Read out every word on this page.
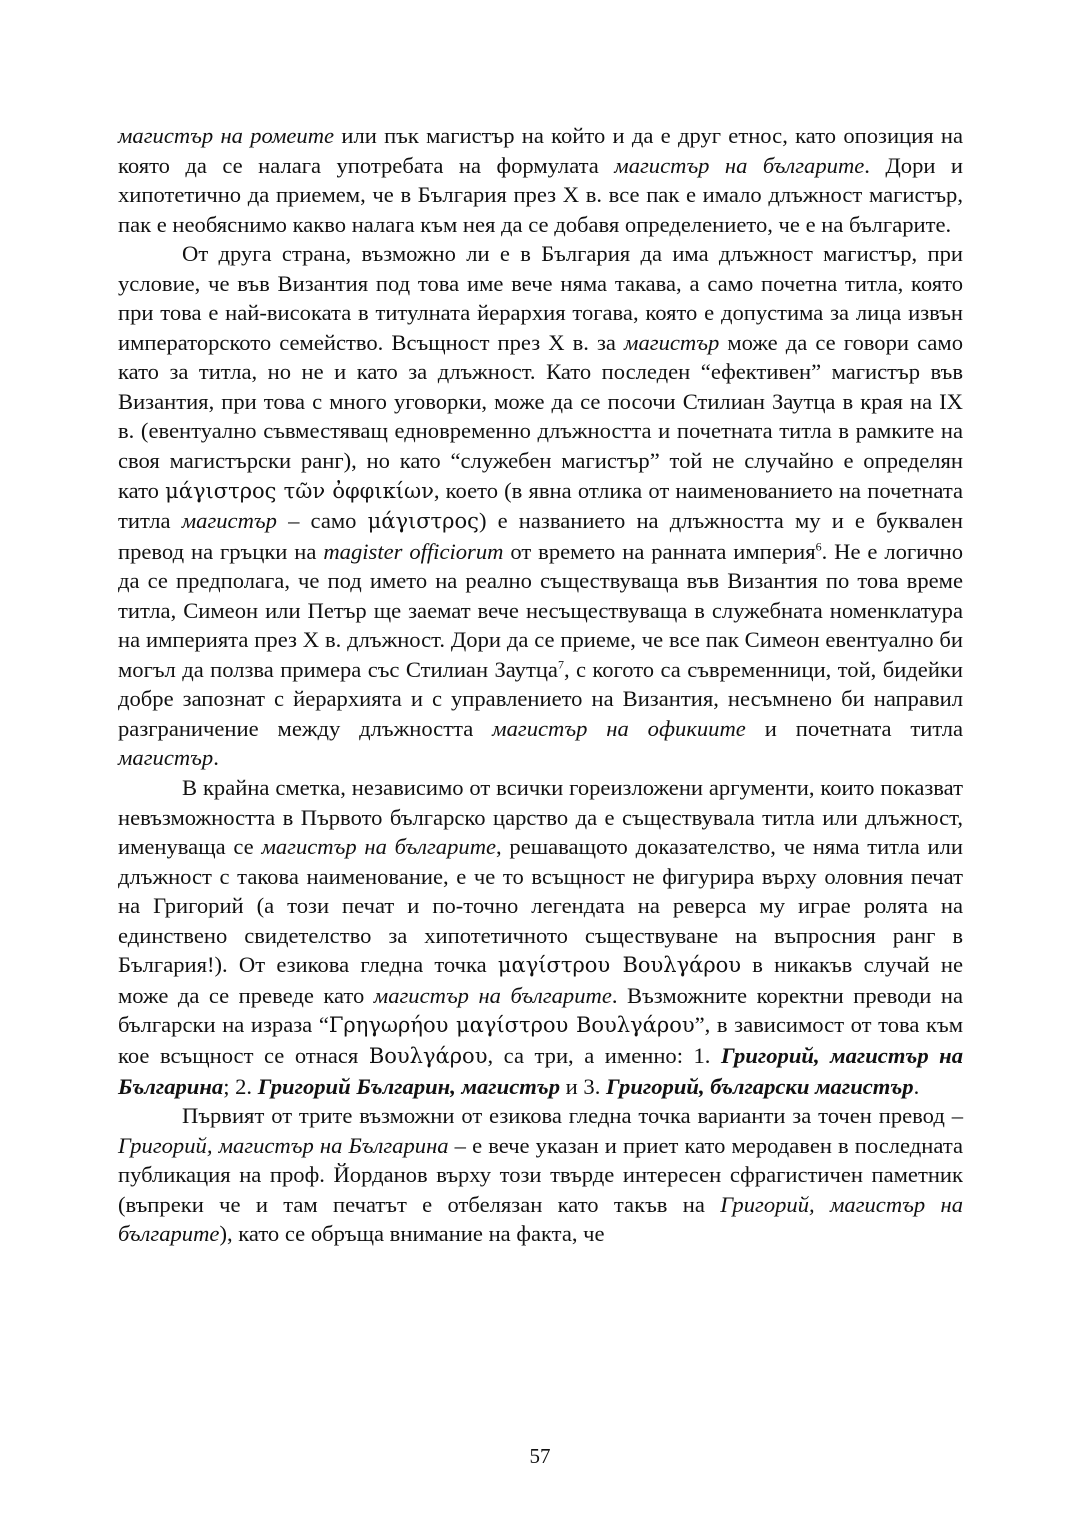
магистър на ромеите или пък магистър на който и да е друг етнос, като опозиция на която да се налага употребата на формулата магистър на българите. Дори и хипотетично да приемем, че в България през Х в. все пак е имало длъжност магистър, пак е необяснимо какво налага към нея да се добавя определението, че е на българите.

От друга страна, възможно ли е в България да има длъжност магистър, при условие, че във Византия под това име вече няма такава, а само почетна титла, която при това е най-високата в титулната йерархия тогава, която е допустима за лица извън императорското семейство. Всъщност през Х в. за магистър може да се говори само като за титла, но не и като за длъжност. Като последен “ефективен” магистър във Византия, при това с много уговорки, може да се посочи Стилиан Заутца в края на IХ в. (евентуално съвместяващ едновременно длъжността и почетната титла в рамките на своя магистърски ранг), но като “служебен магистър” той не случайно е определян като μάγιστρος τῶν ὀφφικίων, което (в явна отлика от наименованието на почетната титла магистър – само μάγιστρος) е названието на длъжността му и е буквален превод на гръцки на magister officiorum от времето на ранната империя$^6$. Не е логично да се предполага, че под името на реално съществуваща във Византия по това време титла, Симеон или Петър ще заемат вече несъществуваща в служебната номенклатура на империята през Х в. длъжност. Дори да се приеме, че все пак Симеон евентуално би могъл да ползва примера със Стилиан Заутца$^7$, с когото са съвременници, той, бидейки добре запознат с йерархията и с управлението на Византия, несъмнено би направил разграничение между длъжността магистър на офикиите и почетната титла магистър.

В крайна сметка, независимо от всички гореизложени аргументи, които показват невъзможността в Първото българско царство да е съществувала титла или длъжност, именуваща се магистър на българите, решаващото доказателство, че няма титла или длъжност с такова наименование, е че то всъщност не фигурира върху оловния печат на Григорий (а този печат и по-точно легендата на реверса му играе ролята на единствено свидетелство за хипотетичното съществуване на въпросния ранг в България!). От езикова гледна точка μαγίστρου Βουλγάρου в никакъв случай не може да се преведе като магистър на българите. Възможните коректни преводи на български на израза “Γρηγωρήου μαγίστρου Βουλγάρου”, в зависимост от това към кое всъщност се отнася Βουλγάρου, са три, а именно: 1. Григорий, магистър на Българина; 2. Григорий Българин, магистър и 3. Григорий, български магистър.

Първият от трите възможни от езикова гледна точка варианти за точен превод – Григорий, магистър на Българина – е вече указан и приет като меродавен в последната публикация на проф. Йорданов върху този твърде интересен сфрагистичен паметник (въпреки че и там печатът е отбелязан като такъв на Григорий, магистър на българите), като се обръща внимание на факта, че

57
